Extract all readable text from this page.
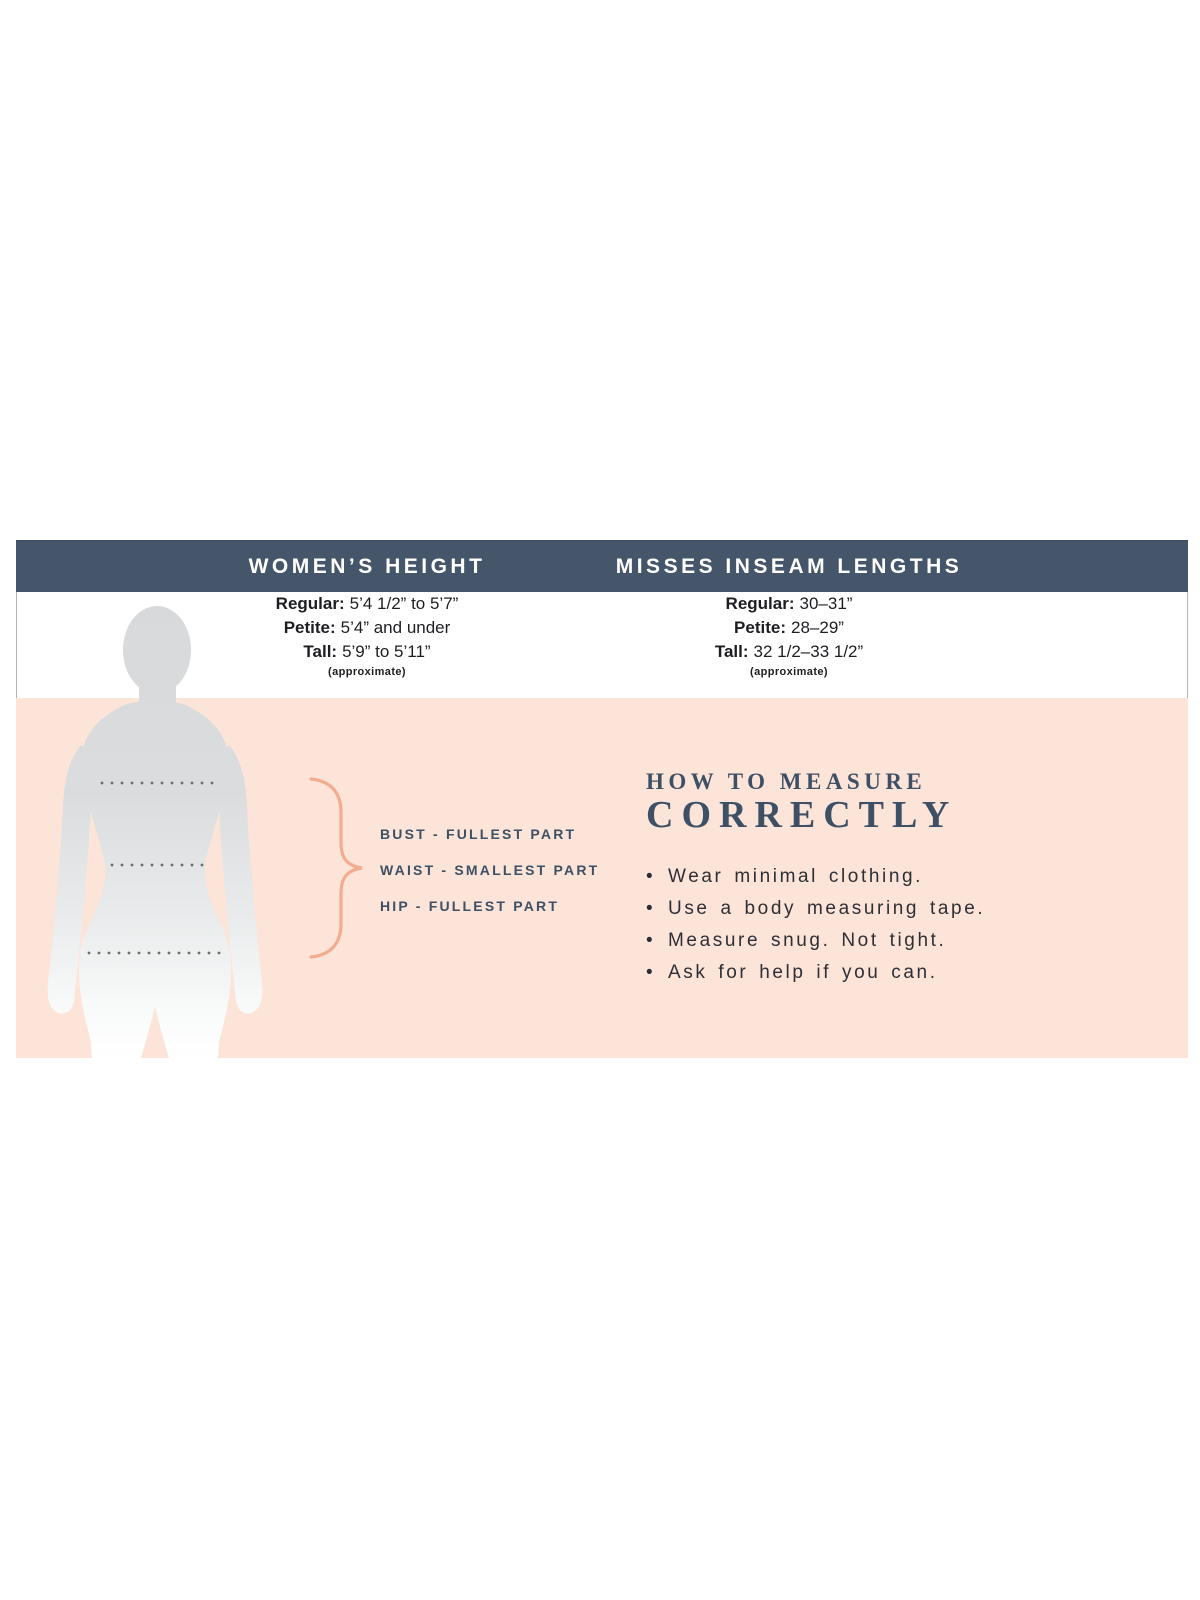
WOMEN’S HEIGHT	MISSES INSEAM LENGTHS
Regular: 5’4 1/2” to 5’7”
Petite: 5’4” and under
Tall: 5’9” to 5’11”
(approximate)
Regular: 30–31”
Petite: 28–29”
Tall: 32 1/2–33 1/2”
(approximate)
BUST - FULLEST PART
WAIST - SMALLEST PART
HIP - FULLEST PART
HOW TO MEASURE
CORRECTLY
• Wear minimal clothing.
• Use a body measuring tape.
• Measure snug. Not tight.
• Ask for help if you can.
